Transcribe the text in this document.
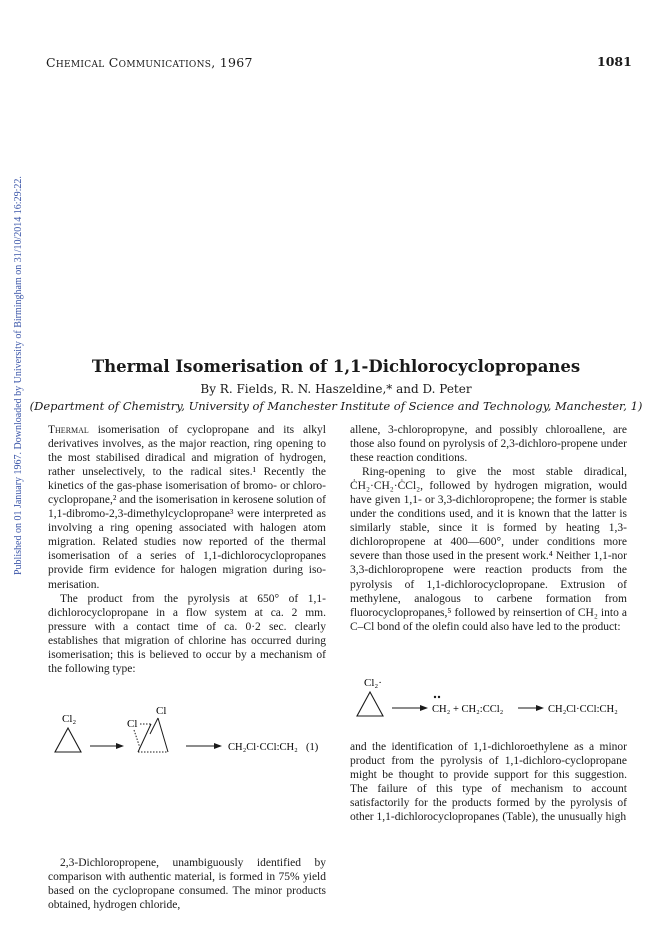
Chemical Communications, 1967	1081
Published on 01 January 1967. Downloaded by University of Birmingham on 31/10/2014 16:29:22.	Thermal Isomerisation of 1,1-Dichlorocyclopropanes
By R. Fields, R. N. Haszeldine,* and D. Peter
(Department of Chemistry, University of Manchester Institute of Science and Technology, Manchester, 1)

Thermal isomerisation of cyclopropane and its alkyl derivatives involves, as the major reaction, ring opening to the most stabilised diradical and migration of hydrogen, rather unselectively, to the radical sites.¹ Recently the kinetics of the gas-phase isomerisation of bromo- or chloro-cyclopropane,² and the isomerisation in kerosene solution of 1,1-dibromo-2,3-dimethylcyclopropane³ were interpreted as involving a ring opening associated with halogen atom migration. Related studies now reported of the thermal isomerisation of a series of 1,1-dichlorocyclopropanes provide firm evidence for halogen migration during iso-merisation.

The product from the pyrolysis at 650° of 1,1-dichlorocyclopropane in a flow system at ca. 2 mm. pressure with a contact time of ca. 0·2 sec. clearly establishes that migration of chlorine has occurred during isomerisation; this is believed to occur by a mechanism of the following type:

Cl₂
Cl
Cl
CH₂Cl·CCl:CH₂ (1)

2,3-Dichloropropene, unambiguously identified by comparison with authentic material, is formed in 75% yield based on the cyclopropane consumed. The minor products obtained, hydrogen chloride,

allene, 3-chloropropyne, and possibly chloroallene, are those also found on pyrolysis of 2,3-dichloro-propene under these reaction conditions.

Ring-opening to give the most stable diradical, ĊH₂·CH₂·ĊCl₂, followed by hydrogen migration, would have given 1,1- or 3,3-dichloropropene; the former is stable under the conditions used, and it is known that the latter is similarly stable, since it is formed by heating 1,3-dichloropropene at 400—600°, under conditions more severe than those used in the present work.⁴ Neither 1,1-nor 3,3-dichloropropene were reaction products from the pyrolysis of 1,1-dichlorocyclopropane. Extrusion of methylene, analogous to carbene formation from fluorocyclopropanes,⁵ followed by reinsertion of CH₂ into a C–Cl bond of the olefin could also have led to the product:

Cl₂·
CH₂ + CH₂:CCl₂	CH₂Cl·CCl:CH₂

and the identification of 1,1-dichloroethylene as a minor product from the pyrolysis of 1,1-dichloro-cyclopropane might be thought to provide support for this suggestion. The failure of this type of mechanism to account satisfactorily for the products formed by the pyrolysis of other 1,1-dichlorocyclopropanes (Table), the unusually high
